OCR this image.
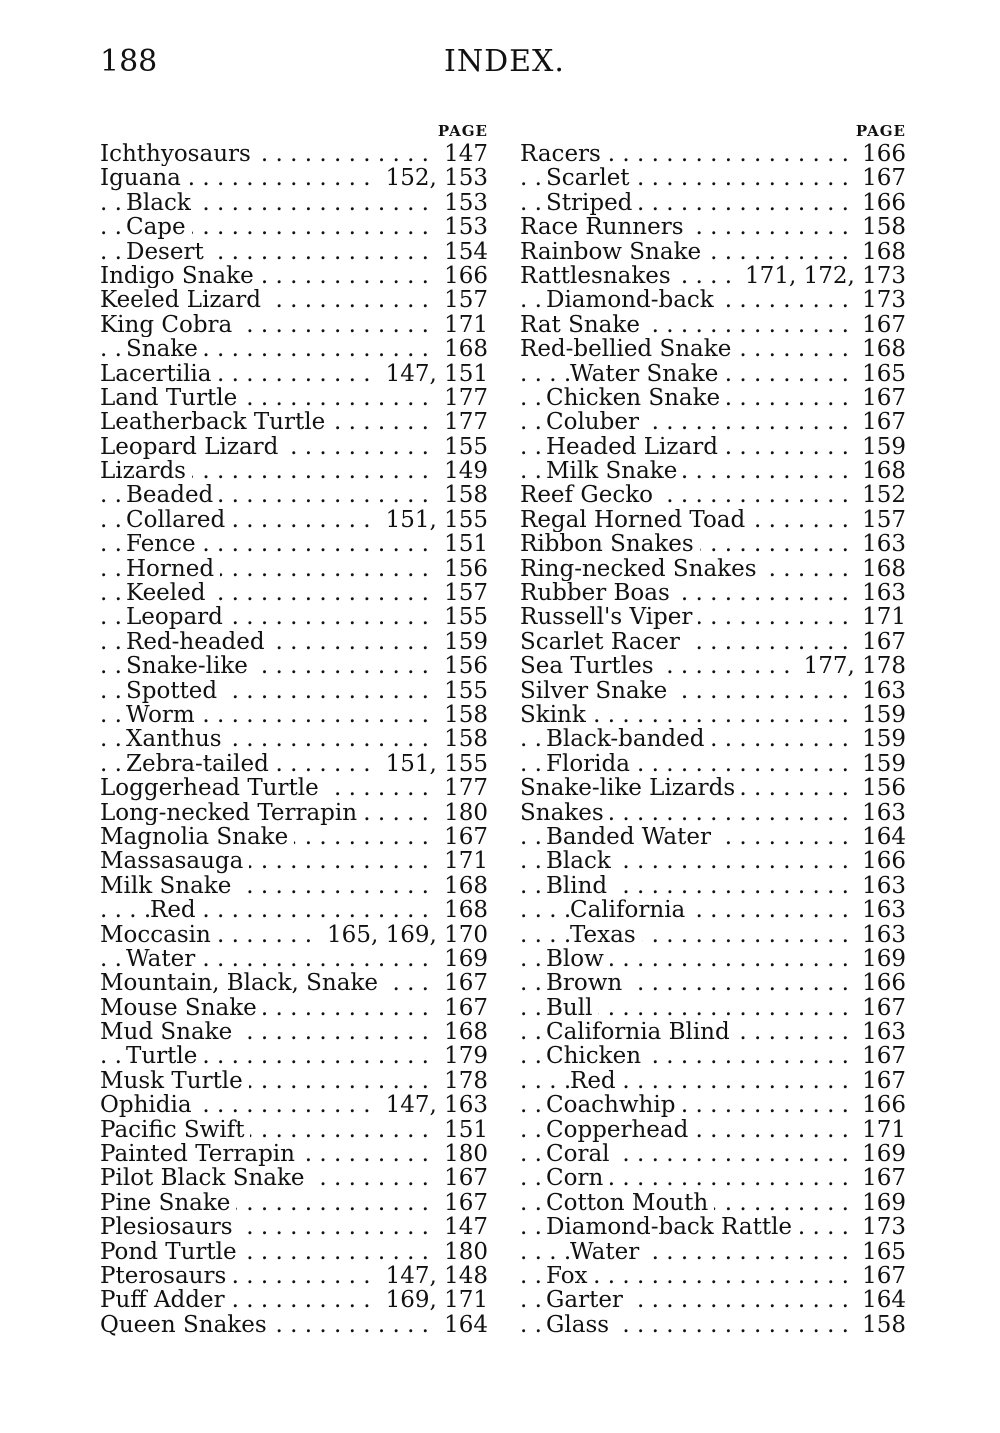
188	INDEX.
PAGE
. . .
Ichthyosaurs	147
. . .
Iguana	152, 153
. . .
Black	153
. . .
Cape	153
. . .
Desert	154
. . .
Indigo Snake	166
. . .
Keeled Lizard	157
. . .
King Cobra	171
. . .
Snake	168
. . .
Lacertilia	147, 151
. . .
Land Turtle	177
. . .
Leatherback Turtle	177
. . .
Leopard Lizard	155
. . .
Lizards	149
. . .
Beaded	158
. . .
Collared	151, 155
. . .
Fence	151
. . .
Horned	156
. . .
Keeled	157
. . .
Leopard	155
. . .
Red-headed	159
. . .
Snake-like	156
. . .
Spotted	155
. . .
Worm	158
. . .
Xanthus	158
. . .
Zebra-tailed	151, 155
. . .
Loggerhead Turtle	177
. . .
Long-necked Terrapin	180
. . .
Magnolia Snake	167
. . .
Massasauga	171
. . .
Milk Snake	168
. . .
Red	168
. . .
Moccasin	165, 169, 170
. . .
Water	169
. . .
Mountain, Black, Snake	167
. . .
Mouse Snake	167
. . .
Mud Snake	168
. . .
Turtle	179
. . .
Musk Turtle	178
. . .
Ophidia	147, 163
. . .
Pacific Swift	151
. . .
Painted Terrapin	180
. . .
Pilot Black Snake	167
. . .
Pine Snake	167
. . .
Plesiosaurs	147
. . .
Pond Turtle	180
. . .
Pterosaurs	147, 148
. . .
Puff Adder	169, 171
. . .
Queen Snakes	164
PAGE
. . .
Racers	166
. . .
Scarlet	167
. . .
Striped	166
. . .
Race Runners	158
. . .
Rainbow Snake	168
. . .
Rattlesnakes	171, 172, 173
. . .
Diamond-back	173
. . .
Rat Snake	167
. . .
Red-bellied Snake	168
. . .
Water Snake	165
. . .
Chicken Snake	167
. . .
Coluber	167
. . .
Headed Lizard	159
. . .
Milk Snake	168
. . .
Reef Gecko	152
. . .
Regal Horned Toad	157
. . .
Ribbon Snakes	163
. . .
Ring-necked Snakes	168
. . .
Rubber Boas	163
. . .
Russell's Viper	171
. . .
Scarlet Racer	167
. . .
Sea Turtles	177, 178
. . .
Silver Snake	163
. . .
Skink	159
. . .
Black-banded	159
. . .
Florida	159
. . .
Snake-like Lizards	156
. . .
Snakes	163
. . .
Banded Water	164
. . .
Black	166
. . .
Blind	163
. . .
California	163
. . .
Texas	163
. . .
Blow	169
. . .
Brown	166
. . .
Bull	167
. . .
California Blind	163
. . .
Chicken	167
. . .
Red	167
. . .
Coachwhip	166
. . .
Copperhead	171
. . .
Coral	169
. . .
Corn	167
. . .
Cotton Mouth	169
. . .
Diamond-back Rattle	173
. . .
Water	165
. . .
Fox	167
. . .
Garter	164
. . .
Glass	158
